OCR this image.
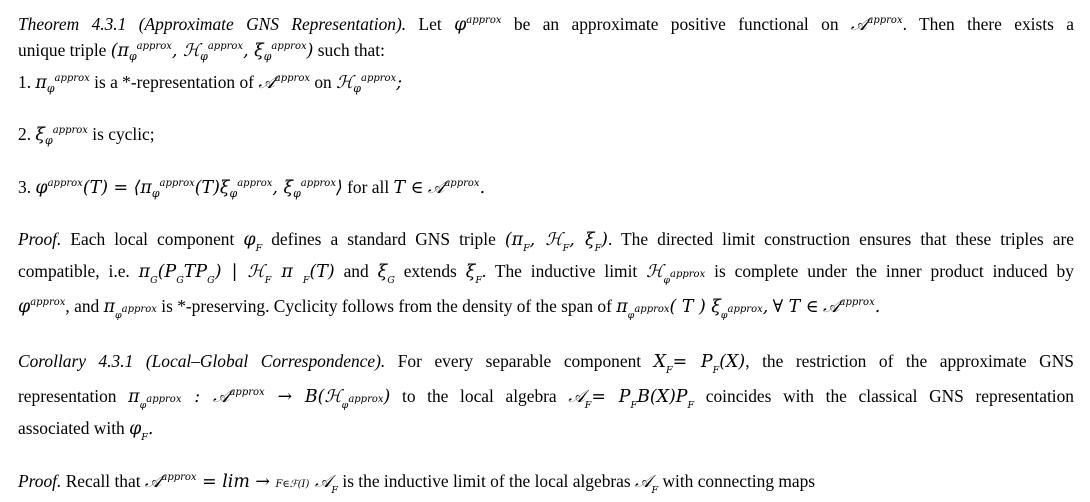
Theorem 4.3.1 (Approximate GNS Representation). Let $\varphi^{approx}$ be an approximate positive functional on 𝒜$^{approx}$. Then there exists a
unique triple ($\pi_\varphi^{approx}$, ℋ$_\varphi^{approx}$, $\xi_\varphi^{approx}$) such that:
1. $\pi_\varphi^{approx}$ is a *-representation of 𝒜$^{approx}$ on ℋ$_\varphi^{approx}$;
2. $\xi_\varphi^{approx}$ is cyclic;
3. $\varphi^{approx}(T)$ = $⟨\pi_\varphi^{approx}(T)\xi_\varphi^{approx}$, $\xi_\varphi^{approx}⟩$ for all T ∈ 𝒜$^{approx}$.
Proof. Each local component $\varphi_F$ defines a standard GNS triple ($\pi_F$, ℋ$_F$, $\xi_F$). The directed limit construction ensures that these triples are
compatible, i.e. $\pi_G(P_GTP_G)$ | ℋ$_F$ π $_F$(T) and $\xi_G$ extends $\xi_F$. The inductive limit ℋ$_\varphi$approx is complete under the inner product induced by
$\varphi^{approx}$, and $\pi_\varphi approx$ is *-preserving. Cyclicity follows from the density of the span of $\pi_\varphi approx$( T ) $\xi_\varphi approx$, ∀ T ∈ 𝒜$^{approx}$.
Corollary 4.3.1 (Local–Global Correspondence). For every separable component $X_F= P_F(X)$, the restriction of the approximate GNS
representation $\pi_\varphi approx$ : 𝒜$^{approx}$ → B(ℋ$_\varphi$approx) to the local algebra 𝒜$_F$= $P_FB(X)P_F$ coincides with the classical GNS representation
associated with $\varphi_F$.
Proof. Recall that 𝒜$^{approx}$ = lim → F∈ℱ(I) 𝒜$_F$ is the inductive limit of the local algebras 𝒜$_F$ with connecting maps
